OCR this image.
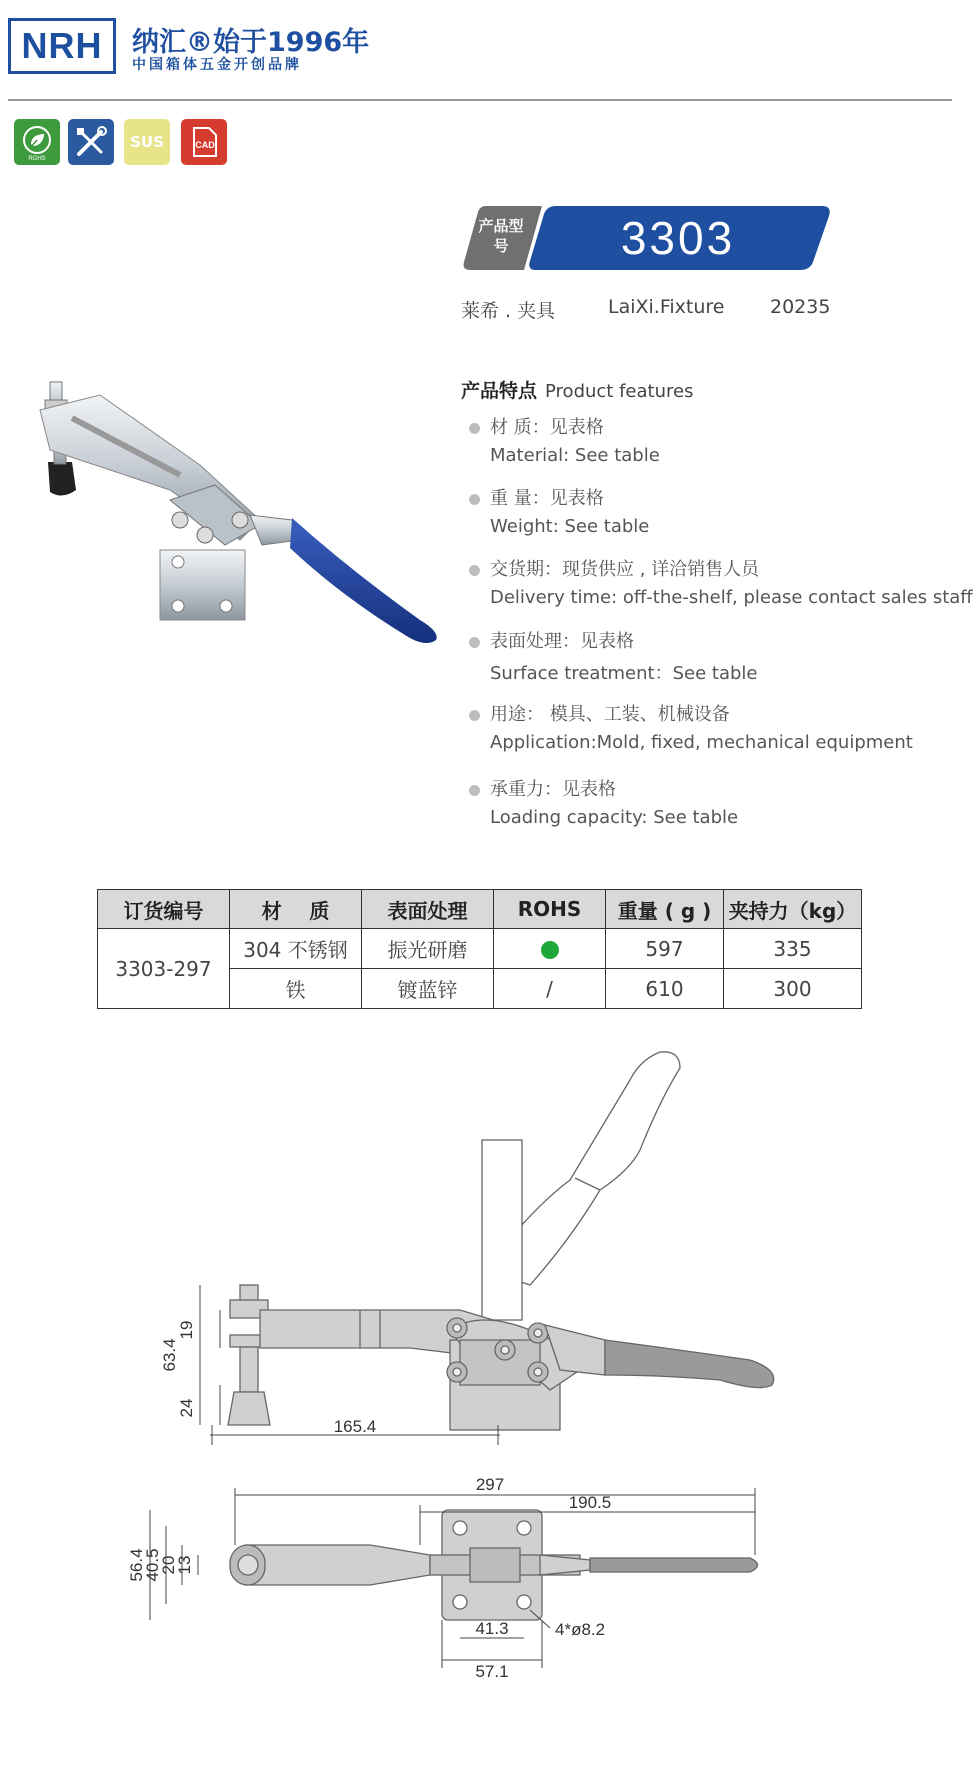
NRH 纳汇®始于1996年
中国箱体五金开创品牌
ROHS
SUS	CAD
产品型号	3303
莱希 . 夹具	LaiXi.Fixture 20235
产品特点 Product features
材 质：见表格
Material: See table
重 量：见表格
Weight: See table
交货期：现货供应 , 详洽销售人员
Delivery time: off-the-shelf, please contact sales staff
表面处理：见表格
Surface treatment：See table
用途： 模具、工装、机械设备
Application:Mold, fixed, mechanical equipment
承重力：见表格
Loading capacity: See table
订货编号	材    质	表面处理	ROHS	重量 ( g )	夹持力（kg）
3303-297	304 不锈钢	振光研磨		597	335
	铁	镀蓝锌	/	610	300
19
63.4
24
165.4
297
190.5
56.4
40.5
20
13
41.3
57.1
4*ø8.2
